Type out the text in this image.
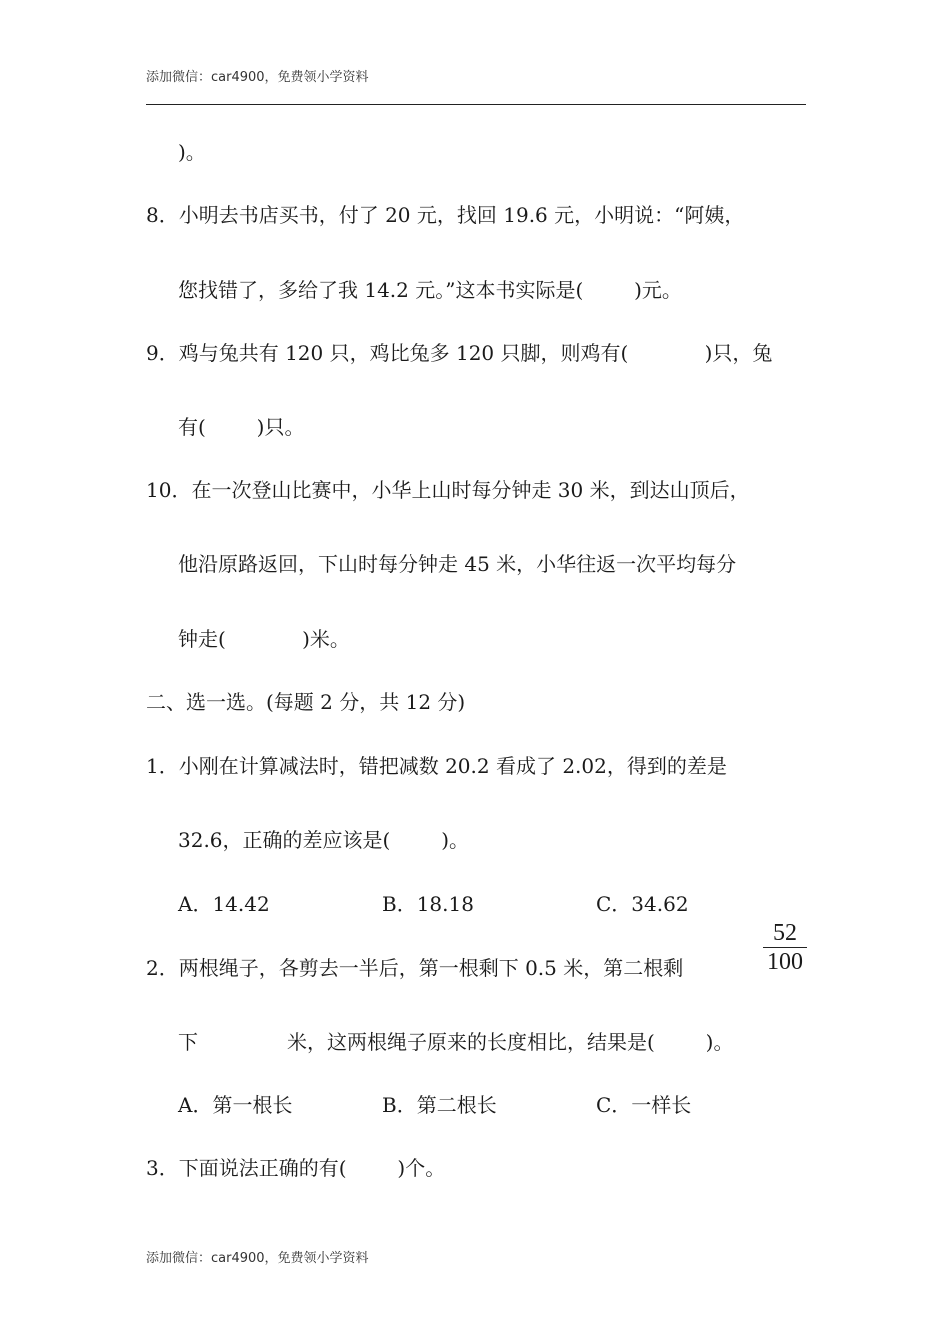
添加微信：car4900，免费领小学资料
)。
8．小明去书店买书，付了 20 元，找回 19.6 元，小明说：“阿姨，
您找错了，多给了我 14.2 元。”这本书实际是(        )元。
9．鸡与兔共有 120 只，鸡比兔多 120 只脚，则鸡有(            )只，兔
有(        )只。
10．在一次登山比赛中，小华上山时每分钟走 30 米，到达山顶后，
他沿原路返回，下山时每分钟走 45 米，小华往返一次平均每分
钟走(            )米。
二、选一选。(每题 2 分，共 12 分)
1．小刚在计算减法时，错把减数 20.2 看成了 2.02，得到的差是
32.6，正确的差应该是(        )。
A．14.42	B．18.18	C．34.62
2．两根绳子，各剪去一半后，第一根剩下 0.5 米，第二根剩
52
100
下              米，这两根绳子原来的长度相比，结果是(        )。
A．第一根长	B．第二根长	C．一样长
3．下面说法正确的有(        )个。
添加微信：car4900，免费领小学资料
